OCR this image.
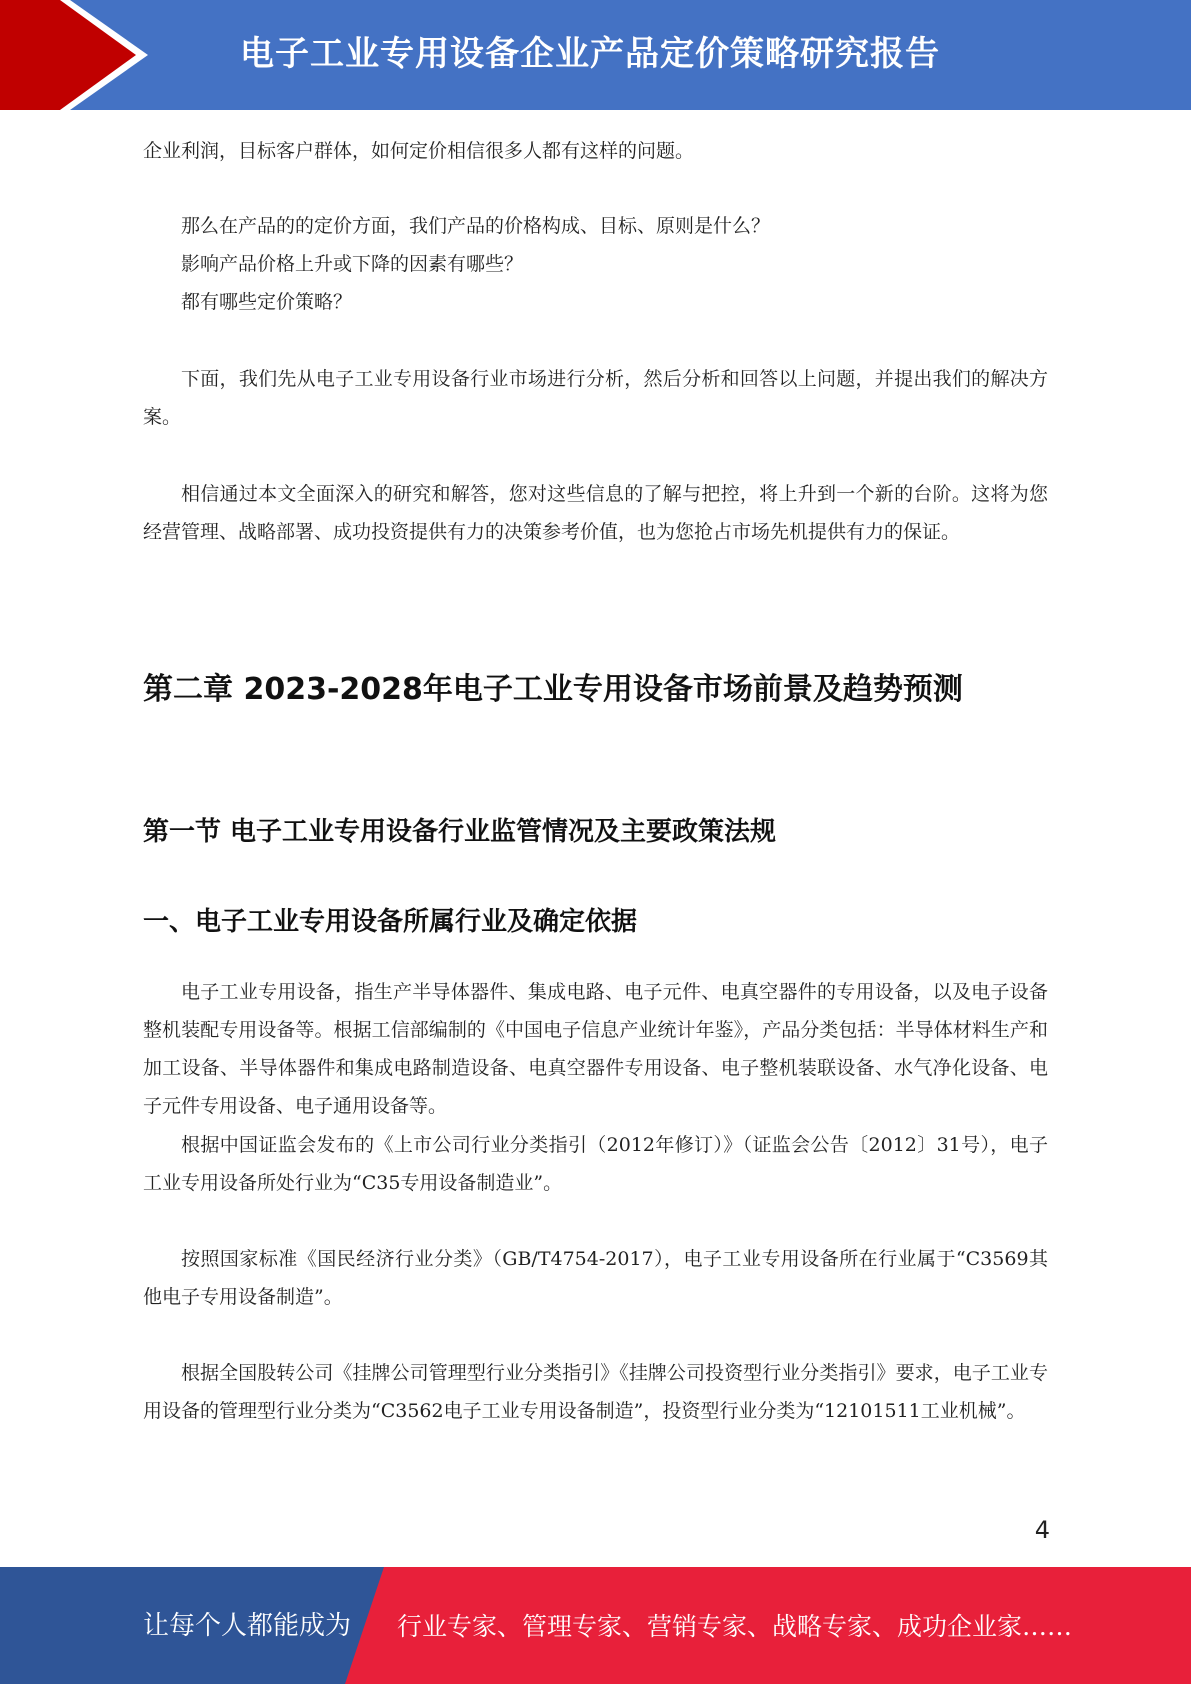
电子工业专用设备企业产品定价策略研究报告

企业利润，目标客户群体，如何定价相信很多人都有这样的问题。

那么在产品的的定价方面，我们产品的价格构成、目标、原则是什么？

影响产品价格上升或下降的因素有哪些？

都有哪些定价策略？

下面，我们先从电子工业专用设备行业市场进行分析，然后分析和回答以上问题，并提出我们的解决方案。

相信通过本文全面深入的研究和解答，您对这些信息的了解与把控，将上升到一个新的台阶。这将为您经营管理、战略部署、成功投资提供有力的决策参考价值，也为您抢占市场先机提供有力的保证。

第二章 2023-2028年电子工业专用设备市场前景及趋势预测
第一节 电子工业专用设备行业监管情况及主要政策法规
一、电子工业专用设备所属行业及确定依据

电子工业专用设备，指生产半导体器件、集成电路、电子元件、电真空器件的专用设备，以及电子设备整机装配专用设备等。根据工信部编制的《中国电子信息产业统计年鉴》，产品分类包括：半导体材料生产和加工设备、半导体器件和集成电路制造设备、电真空器件专用设备、电子整机装联设备、水气净化设备、电子元件专用设备、电子通用设备等。

根据中国证监会发布的《上市公司行业分类指引（2012年修订）》（证监会公告〔2012〕31号），电子工业专用设备所处行业为“C35专用设备制造业”。

按照国家标准《国民经济行业分类》（GB/T4754-2017），电子工业专用设备所在行业属于“C3569其他电子专用设备制造”。

根据全国股转公司《挂牌公司管理型行业分类指引》《挂牌公司投资型行业分类指引》要求，电子工业专用设备的管理型行业分类为“C3562电子工业专用设备制造”，投资型行业分类为“12101511工业机械”。

4
让每个人都能成为 行业专家、管理专家、营销专家、战略专家、成功企业家……
